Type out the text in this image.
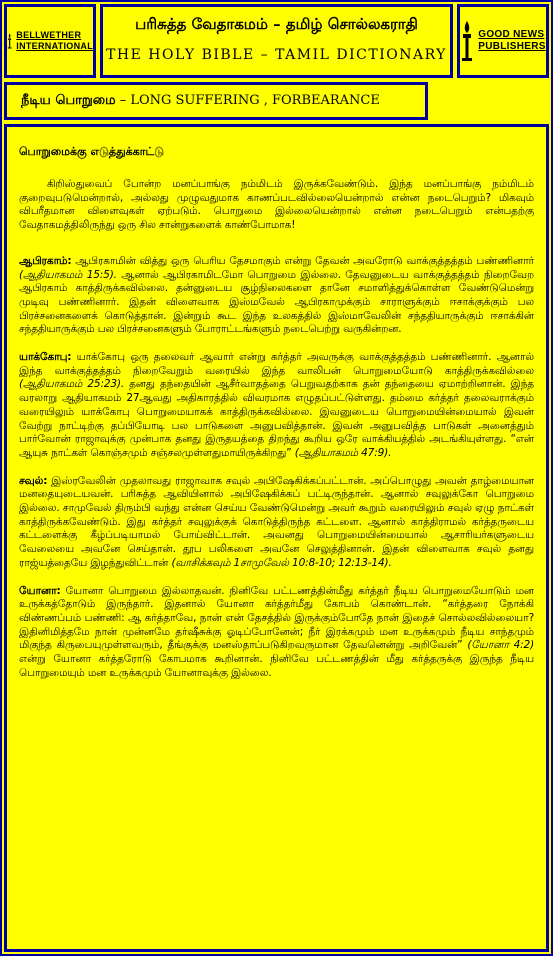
BELLWETHER
INTERNATIONAL
பரிசுத்த வேதாகமம் – தமிழ் சொல்லகராதி
THE HOLY BIBLE – TAMIL DICTIONARY
GOOD NEWS
PUBLISHERS
நீடிய பொறுமை – LONG SUFFERING , FORBEARANCE
பொறுமைக்கு எடுத்துக்காட்டு

கிறிஸ்துவைப் போன்ற மனப்பாங்கு நம்மிடம் இருக்கவேண்டும். இந்த மனப்பாங்கு நம்மிடம் குறைவுபடுமென்றால், அல்லது முழுவதுமாக காணப்படவில்லையென்றால் என்ன நடைபெறும்? மிகவும் விபரீதமான விளைவுகள் ஏற்படும். பொறுமை இல்லையென்றால் என்ன நடைபெறும் என்பதற்கு வேதாகமத்திலிருந்து ஒரு சில சான்றுகளைக் காண்போமாக!

ஆபிரகாம்: ஆபிரகாமின் வித்து ஒரு பெரிய தேசமாகும் என்று தேவன் அவரோடு வாக்குத்தத்தம் பண்ணினார் (ஆதியாகமம் 15:5). ஆனால் ஆபிரகாமிடமோ பொறுமை இல்லை. தேவனுடைய வாக்குத்தத்தம் நிறைவேற ஆபிரகாம் காத்திருக்கவில்லை. தன்னுடைய சூழ்நிலைகளை தானே சமாளித்துக்கொள்ள வேண்டுமென்று முடிவு பண்ணினார். இதன் விளைவாக இஸ்மவேல் ஆபிரகாமுக்கும் சாராளுக்கும் ஈசாக்குக்கும் பல பிரச்சனைகளைக் கொடுத்தான். இன்றும் கூட இந்த உலகத்தில் இஸ்மாவேலின் சந்ததியாருக்கும் ஈசாக்கின் சந்ததியாருக்கும் பல பிரச்சனைகளும் போராட்டங்களும் நடைபெற்று வருகின்றன.

யாக்கோபு: யாக்கோபு ஒரு தலைவர் ஆவார் என்று கர்த்தர் அவருக்கு வாக்குத்தத்தம் பண்ணினார். ஆனால் இந்த வாக்குத்தத்தம் நிறைவேறும் வரையில் இந்த வாலிபன் பொறுமையோடு காத்திருக்கவில்லை (ஆதியாகமம் 25:23). தனது தந்தையின் ஆசீர்வாதத்தை பெறுவதற்காக தன் தந்தையை ஏமாற்றினான். இந்த வரலாறு ஆதியாகமம் 27ஆவது அதிகாரத்தில் விவரமாக எழுதப்பட்டுள்ளது. தம்மை கர்த்தர் தலைவராக்கும் வரையிலும் யாக்கோபு பொறுமையாகக் காத்திருக்கவில்லை. இவனுடைய பொறுமையின்மையால் இவன் வேற்று நாட்டிற்கு தப்பியோடி பல பாடுகளை அனுபவித்தான். இவன் அனுபவித்த பாடுகள் அனைத்தும் பார்வோன் ராஜாவுக்கு முன்பாக தனது இருதயத்தை திறந்து கூறிய ஒரே வாக்கியத்தில் அடங்கியுள்ளது. “என் ஆயுசு நாட்கள் கொஞ்சமும் சஞ்சலமுள்ளதுமாயிருக்கிறது” (ஆதியாகமம் 47:9).

சவுல்: இஸ்ரவேலின் முதலாவது ராஜாவாக சவுல் அபிஷேகிக்கப்பட்டான். அப்பொழுது அவன் தாழ்மையான மனதையுடையவன். பரிசுத்த ஆவியினால் அபிஷேகிக்கப் பட்டிருந்தான். ஆனால் சவுலுக்கோ பொறுமை இல்லை. சாமுவேல் திரும்பி வந்து என்ன செய்ய வேண்டுமென்று அவர் கூறும் வரையிலும் சவுல் ஏழு நாட்கள் காத்திருக்கவேண்டும். இது கர்த்தர் சவுலுக்குக் கொடுத்திருந்த கட்டளை. ஆனால் காத்திராமல் கர்த்தருடைய கட்டளைக்கு கீழ்ப்படியாமல் போய்விட்டான். அவனது பொறுமையின்மையால் ஆசாரியர்களுடைய வேலையை அவனே செய்தான். தூப பலிகளை அவனே செலுத்தினான். இதன் விளைவாக சவுல் தனது ராஜ்யத்தையே இழந்துவிட்டான் (வாசிக்கவும் 1சாமுவேல் 10:8-10; 12:13-14).

யோனா: யோனா பொறுமை இல்லாதவன். நினிவே பட்டணத்தின்மீது கர்த்தர் நீடிய பொறுமையோடும் மன உருக்கத்தோடும் இருந்தார். இதனால் யோனா கர்த்தர்மீது கோபம் கொண்டான். “கர்த்தரை நோக்கி விண்ணப்பம் பண்ணி: ஆ கர்த்தாவே, நான் என் தேசத்தில் இருக்கும்போதே நான் இதைச் சொல்லவில்லையா? இதினிமித்தமே நான் முன்னமே தர்ஷீசுக்கு ஓடிப்போனேன்; நீர் இரக்கமும் மன உருக்கமும் நீடிய சாந்தமும் மிகுந்த கிருபையுமுள்ளவரும், தீங்குக்கு மனஸ்தாப்படுகிறவருமான தேவனென்று அறிவேன்” (யோனா 4:2) என்று யோனா கர்த்தரோடு கோபமாக கூறினான். நினிவே பட்டணத்தின் மீது கர்த்தருக்கு இருந்த நீடிய பொறுமையும் மன உருக்கமும் யோனாவுக்கு இல்லை.
